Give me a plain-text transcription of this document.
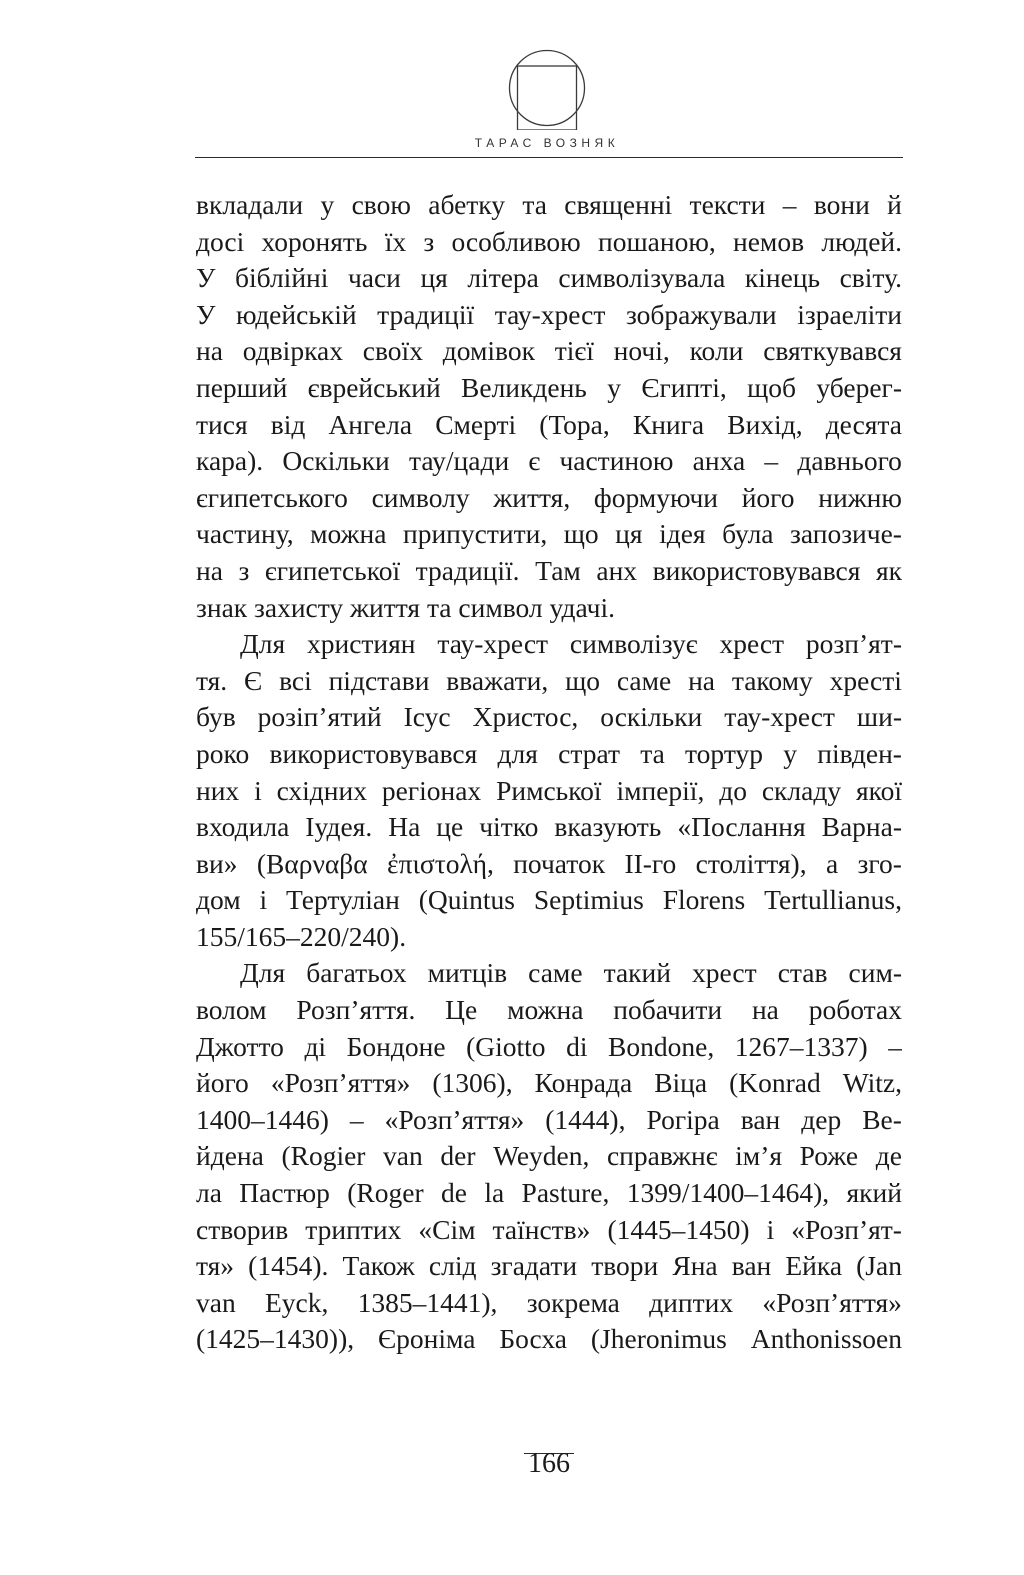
ТАРАС ВОЗНЯК
вкладали у свою абетку та священні тексти – вони й
досі хоронять їх з особливою пошаною, немов людей.
У біблійні часи ця літера символізувала кінець світу.
У юдейській традиції тау-хрест зображували ізраеліти
на одвірках своїх домівок тієї ночі, коли святкувався
перший єврейський Великдень у Єгипті, щоб уберег-
тися від Ангела Смерті (Тора, Книга Вихід, десята
кара). Оскільки тау/цади є частиною анха – давнього
єгипетського символу життя, формуючи його нижню
частину, можна припустити, що ця ідея була запозиче-
на з єгипетської традиції. Там анх використовувався як
знак захисту життя та символ удачі.
Для християн тау-хрест символізує хрест розп’ят-
тя. Є всі підстави вважати, що саме на такому хресті
був розіп’ятий Ісус Христос, оскільки тау-хрест ши-
роко використовувався для страт та тортур у півден-
них і східних регіонах Римської імперії, до складу якої
входила Іудея. На це чітко вказують «Послання Варна-
ви» (Βαρναβα ἐπιστολή, початок II-го століття), а зго-
дом і Тертуліан (Quintus Septimius Florens Tertullianus,
155/165–220/240).
Для багатьох митців саме такий хрест став сим-
волом Розп’яття. Це можна побачити на роботах
Джотто ді Бондоне (Giotto di Bondone, 1267–1337) –
його «Розп’яття» (1306), Конрада Віца (Konrad Witz,
1400–1446) – «Розп’яття» (1444), Рогіра ван дер Ве-
йдена (Rogier van der Weyden, справжнє ім’я Роже де
ла Пастюр (Roger de la Pasture, 1399/1400–1464), який
створив триптих «Сім таїнств» (1445–1450) і «Розп’ят-
тя» (1454). Також слід згадати твори Яна ван Ейка (Jan
van Eyck, 1385–1441), зокрема диптих «Розп’яття»
(1425–1430)), Єроніма Босха (Jheronimus Anthonissoen
166
